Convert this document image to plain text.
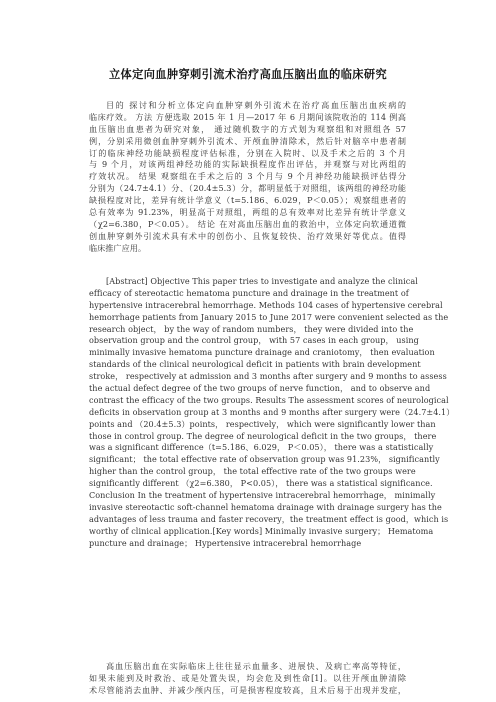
立体定向血肿穿刺引流术治疗高血压脑出血的临床研究
目的 探讨和分析立体定向血肿穿刺外引流术在治疗高血压脑出血疾病的
临床疗效。 方法 方便选取 2015 年 1 月—2017 年 6 月期间该院收治的 114 例高
血压脑出血患者为研究对象， 通过随机数字的方式划为观察组和对照组各 57
例，分别采用微创血肿穿刺外引流术、开颅血肿清除术，然后针对脑卒中患者制
订的临床神经功能缺损程度评估标准，分别在入院时、以及手术之后的 3 个月
与 9 个月，对该两组神经功能的实际缺损程度作出评估，并观察与对比两组的
疗效状况。 结果 观察组在手术之后的 3 个月与 9 个月神经功能缺损评估得分
分别为（24.7±4.1）分、（20.4±5.3）分，都明显低于对照组，该两组的神经功能
缺损程度对比，差异有统计学意义（t=5.186、6.029，P＜0.05）；观察组患者的
总有效率为 91.23%，明显高于对照组，两组的总有效率对比差异有统计学意义
（χ2=6.380，P＜0.05）。 结论 在对高血压脑出血的救治中，立体定向软通道微
创血肿穿刺外引流术具有术中的创伤小、且恢复较快、治疗效果好等优点。值得
临床推广应用。
[Abstract] Objective This paper tries to investigate and analyze the clinical
efficacy of stereotactic hematoma puncture and drainage in the treatment of
hypertensive intracerebral hemorrhage. Methods 104 cases of hypertensive cerebral
hemorrhage patients from January 2015 to June 2017 were convenient selected as the
research object， by the way of random numbers， they were divided into the
observation group and the control group， with 57 cases in each group， using
minimally invasive hematoma puncture drainage and craniotomy， then evaluation
standards of the clinical neurological deficit in patients with brain development
stroke， respectively at admission and 3 months after surgery and 9 months to assess
the actual defect degree of the two groups of nerve function， and to observe and
contrast the efficacy of the two groups. Results The assessment scores of neurological
deficits in observation group at 3 months and 9 months after surgery were（24.7±4.1）
points and （20.4±5.3）points， respectively， which were significantly lower than
those in control group. The degree of neurological deficit in the two groups， there
was a significant difference（t=5.186、6.029， P＜0.05）， there was a statistically
significant； the total effective rate of observation group was 91.23%， significantly
higher than the control group， the total effective rate of the two groups were
significantly different （χ2=6.380， P<0.05）， there was a statistical significance.
Conclusion In the treatment of hypertensive intracerebral hemorrhage， minimally
invasive stereotactic soft-channel hematoma drainage with drainage surgery has the
advantages of less trauma and faster recovery，the treatment effect is good，which is
worthy of clinical application.[Key words] Minimally invasive surgery； Hematoma
puncture and drainage； Hypertensive intracerebral hemorrhage
高血压脑出血在实际临床上往往显示血量多、进展快、及病亡率高等特征，
如果未能到及时救治、或是处置失误，均会危及到性命[1]。以往开颅血肿清除
术尽管能消去血肿、并减少颅内压，可是损害程度较高，且术后易于出现并发症，
